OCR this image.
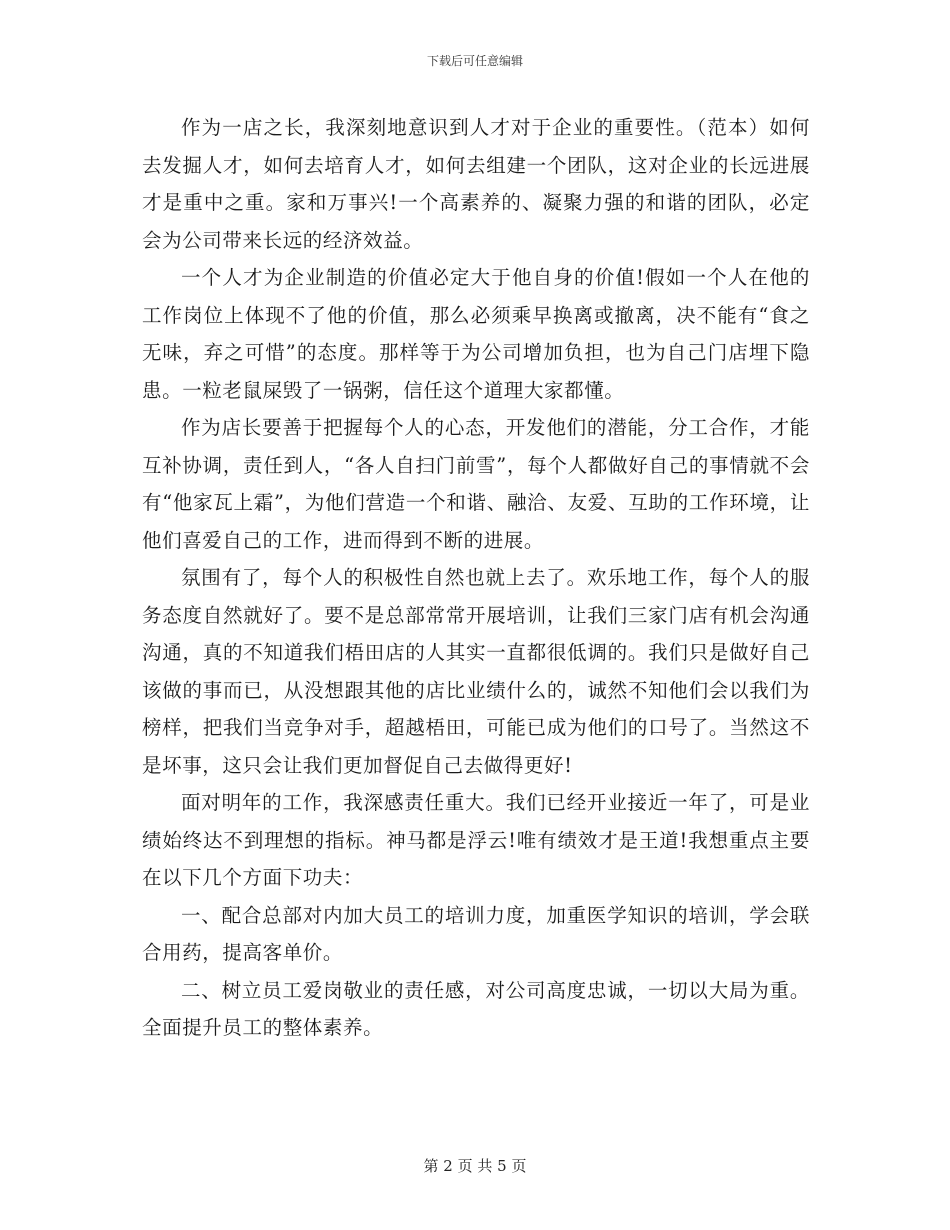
下载后可任意编辑

作为一店之长，我深刻地意识到人才对于企业的重要性。（范本）如何去发掘人才，如何去培育人才，如何去组建一个团队，这对企业的长远进展才是重中之重。家和万事兴!一个高素养的、凝聚力强的和谐的团队，必定会为公司带来长远的经济效益。

一个人才为企业制造的价值必定大于他自身的价值!假如一个人在他的工作岗位上体现不了他的价值，那么必须乘早换离或撤离，决不能有“食之无味，弃之可惜”的态度。那样等于为公司增加负担，也为自己门店埋下隐患。一粒老鼠屎毁了一锅粥，信任这个道理大家都懂。

作为店长要善于把握每个人的心态，开发他们的潜能，分工合作，才能互补协调，责任到人，“各人自扫门前雪”，每个人都做好自己的事情就不会有“他家瓦上霜”，为他们营造一个和谐、融洽、友爱、互助的工作环境，让他们喜爱自己的工作，进而得到不断的进展。

氛围有了，每个人的积极性自然也就上去了。欢乐地工作，每个人的服务态度自然就好了。要不是总部常常开展培训，让我们三家门店有机会沟通沟通，真的不知道我们梧田店的人其实一直都很低调的。我们只是做好自己该做的事而已，从没想跟其他的店比业绩什么的，诚然不知他们会以我们为榜样，把我们当竞争对手，超越梧田，可能已成为他们的口号了。当然这不是坏事，这只会让我们更加督促自己去做得更好!

面对明年的工作，我深感责任重大。我们已经开业接近一年了，可是业绩始终达不到理想的指标。神马都是浮云!唯有绩效才是王道!我想重点主要在以下几个方面下功夫：

一、配合总部对内加大员工的培训力度，加重医学知识的培训，学会联合用药，提高客单价。

二、树立员工爱岗敬业的责任感，对公司高度忠诚，一切以大局为重。全面提升员工的整体素养。

第 2 页 共 5 页
